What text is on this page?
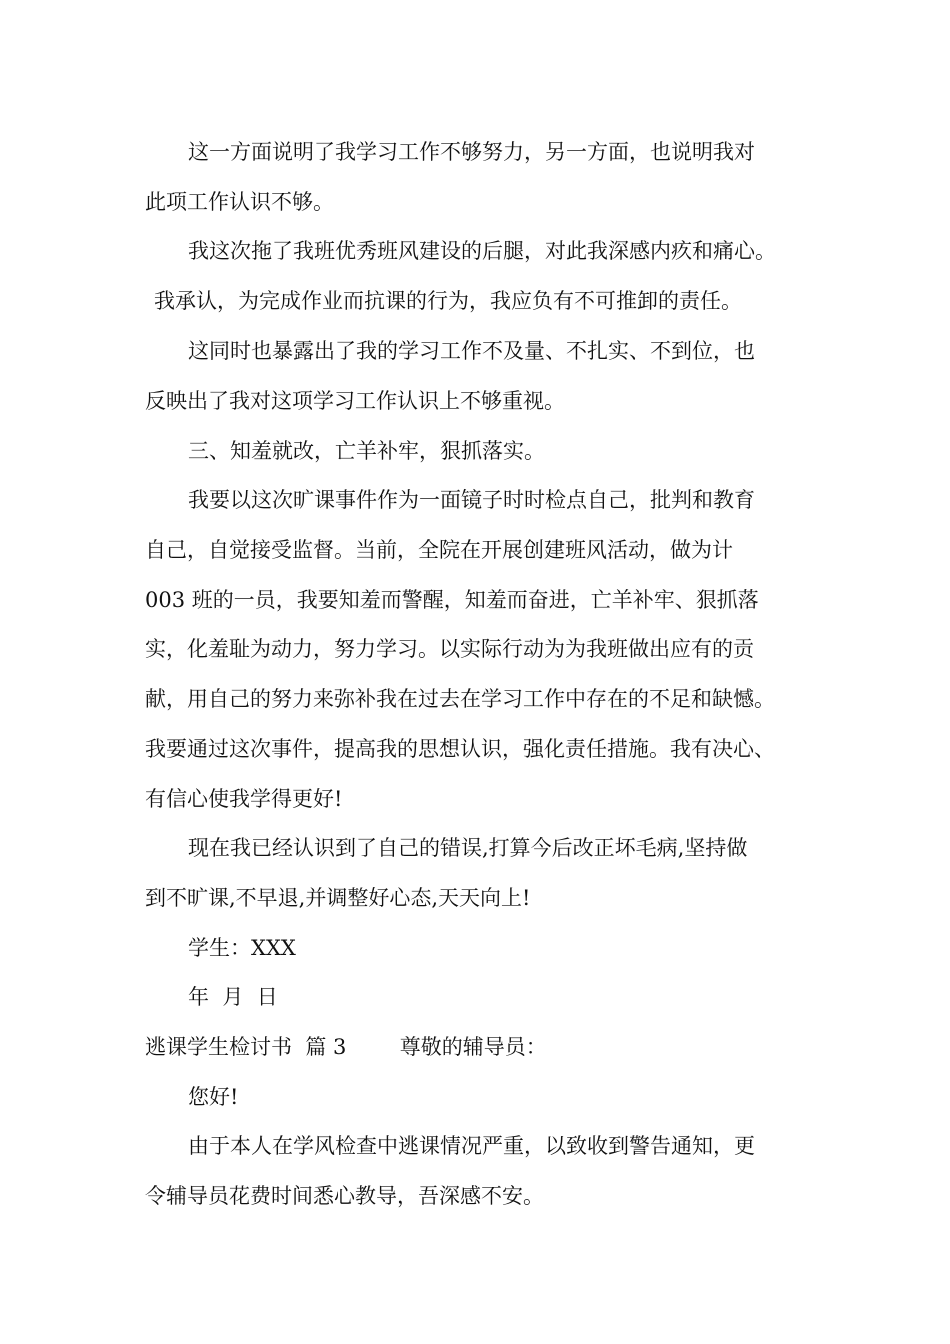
这一方面说明了我学习工作不够努力，另一方面，也说明我对
此项工作认识不够。
我这次拖了我班优秀班风建设的后腿，对此我深感内疚和痛心。
我承认，为完成作业而抗课的行为，我应负有不可推卸的责任。
这同时也暴露出了我的学习工作不及量、不扎实、不到位，也
反映出了我对这项学习工作认识上不够重视。
三、知羞就改，亡羊补牢，狠抓落实。
我要以这次旷课事件作为一面镜子时时检点自己，批判和教育
自己，自觉接受监督。当前，全院在开展创建班风活动，做为计
003 班的一员，我要知羞而警醒，知羞而奋进，亡羊补牢、狠抓落
实，化羞耻为动力，努力学习。以实际行动为为我班做出应有的贡
献，用自己的努力来弥补我在过去在学习工作中存在的不足和缺憾。
我要通过这次事件，提高我的思想认识，强化责任措施。我有决心、
有信心使我学得更好!
现在我已经认识到了自己的错误,打算今后改正坏毛病,坚持做
到不旷课,不早退,并调整好心态,天天向上!
学生：XXX
年  月  日
逃课学生检讨书  篇 3        尊敬的辅导员：
您好!
由于本人在学风检查中逃课情况严重，以致收到警告通知，更
令辅导员花费时间悉心教导，吾深感不安。
